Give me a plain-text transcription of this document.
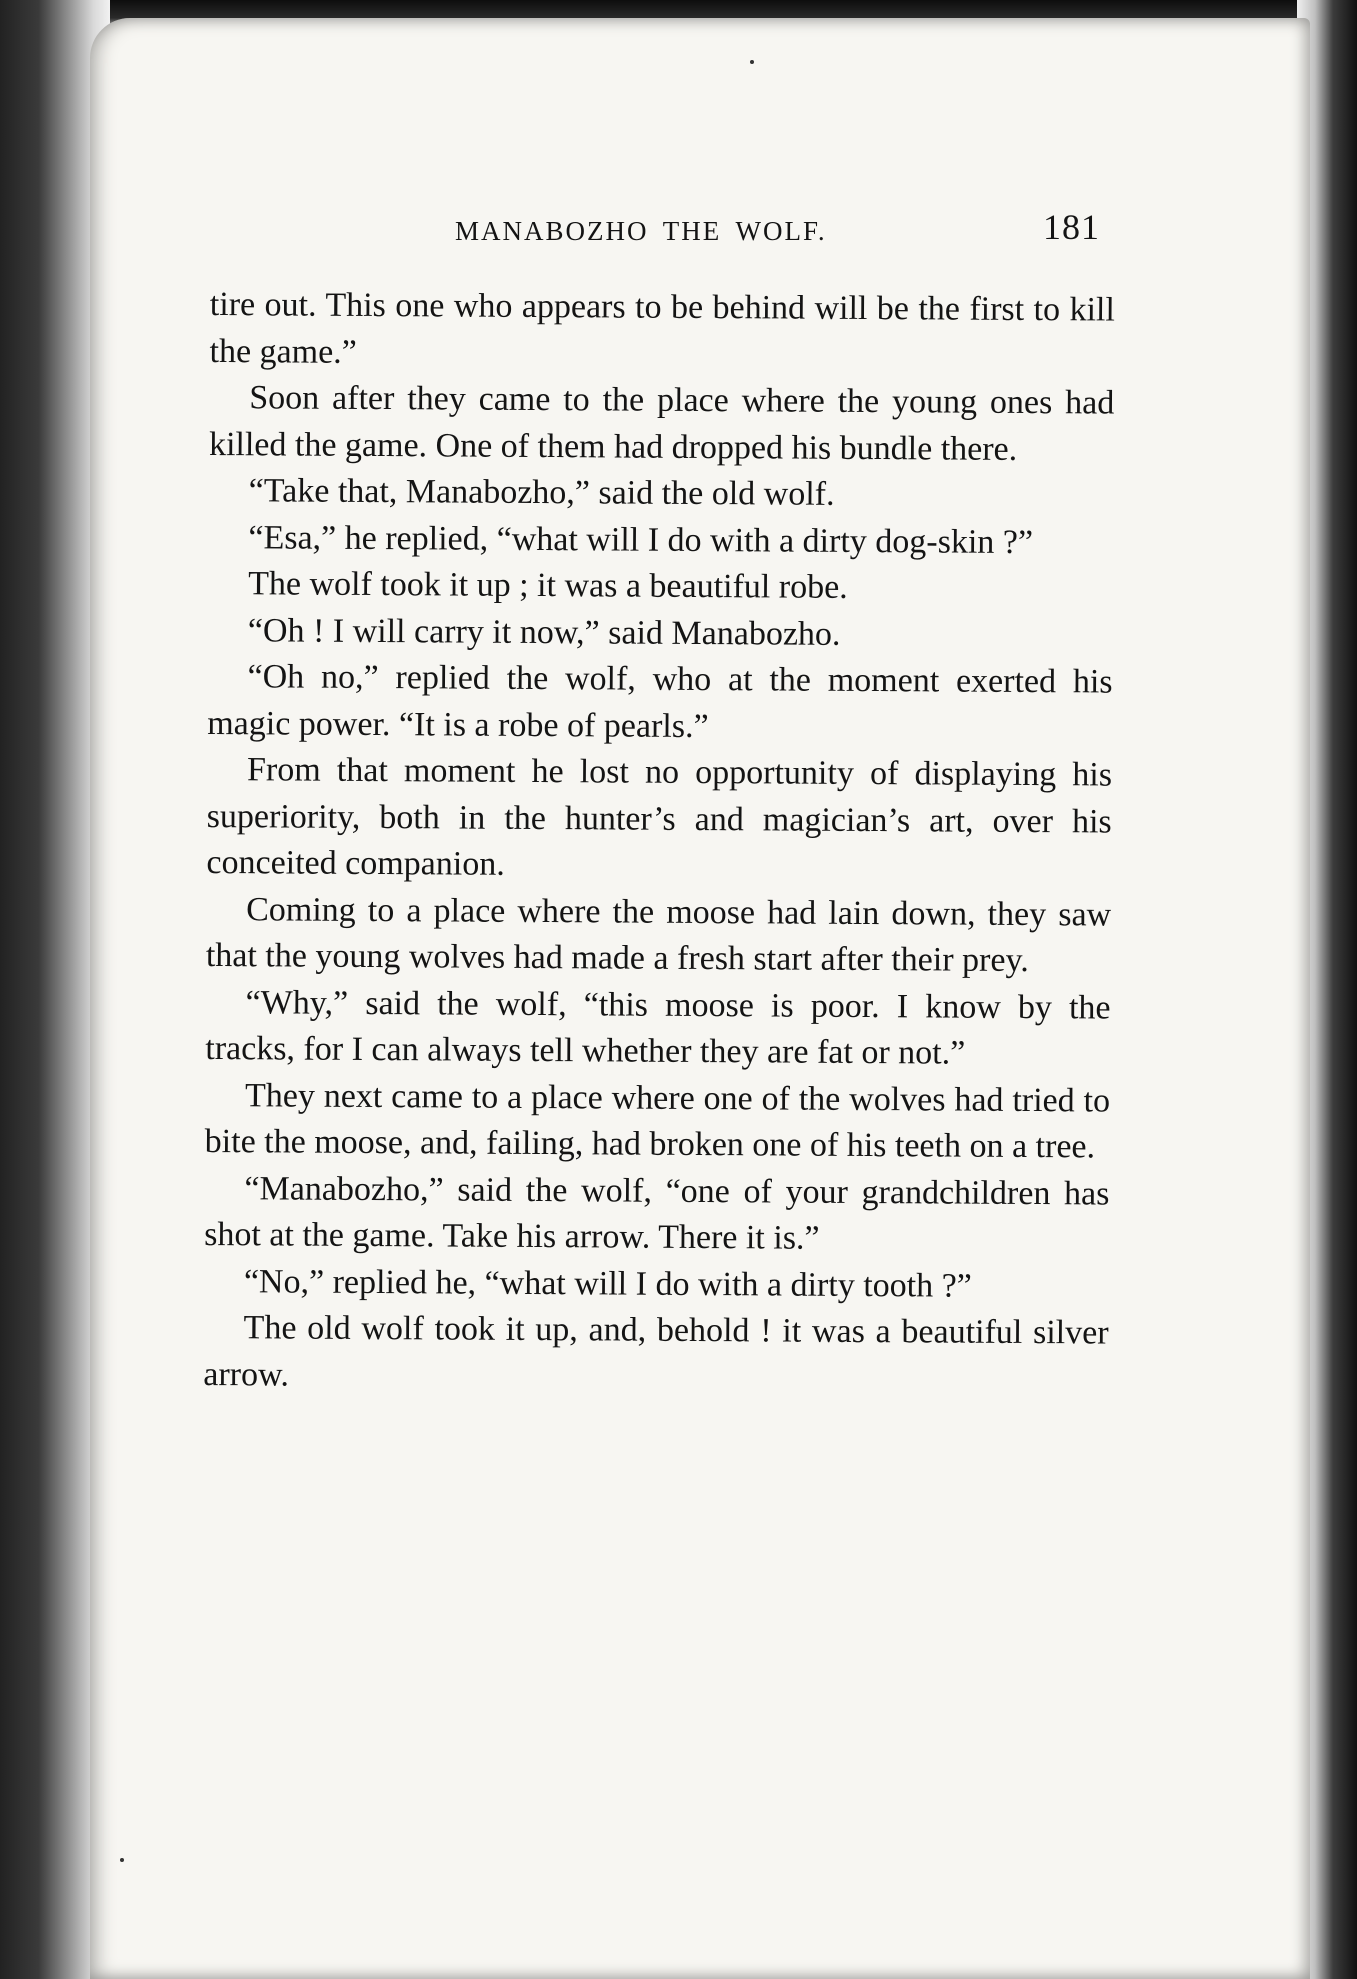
MANABOZHO THE WOLF.	181

tire out. This one who appears to be behind will be the first to kill the game.”

Soon after they came to the place where the young ones had killed the game. One of them had dropped his bundle there.

“Take that, Manabozho,” said the old wolf.

“Esa,” he replied, “what will I do with a dirty dog-skin ?”

The wolf took it up ; it was a beautiful robe.

“Oh ! I will carry it now,” said Manabozho.

“Oh no,” replied the wolf, who at the moment exerted his magic power. “It is a robe of pearls.”

From that moment he lost no opportunity of displaying his superiority, both in the hunter’s and magician’s art, over his conceited companion.

Coming to a place where the moose had lain down, they saw that the young wolves had made a fresh start after their prey.

“Why,” said the wolf, “this moose is poor. I know by the tracks, for I can always tell whether they are fat or not.”

They next came to a place where one of the wolves had tried to bite the moose, and, failing, had broken one of his teeth on a tree.

“Manabozho,” said the wolf, “one of your grandchildren has shot at the game. Take his arrow. There it is.”

“No,” replied he, “what will I do with a dirty tooth ?”

The old wolf took it up, and, behold ! it was a beautiful silver arrow.
